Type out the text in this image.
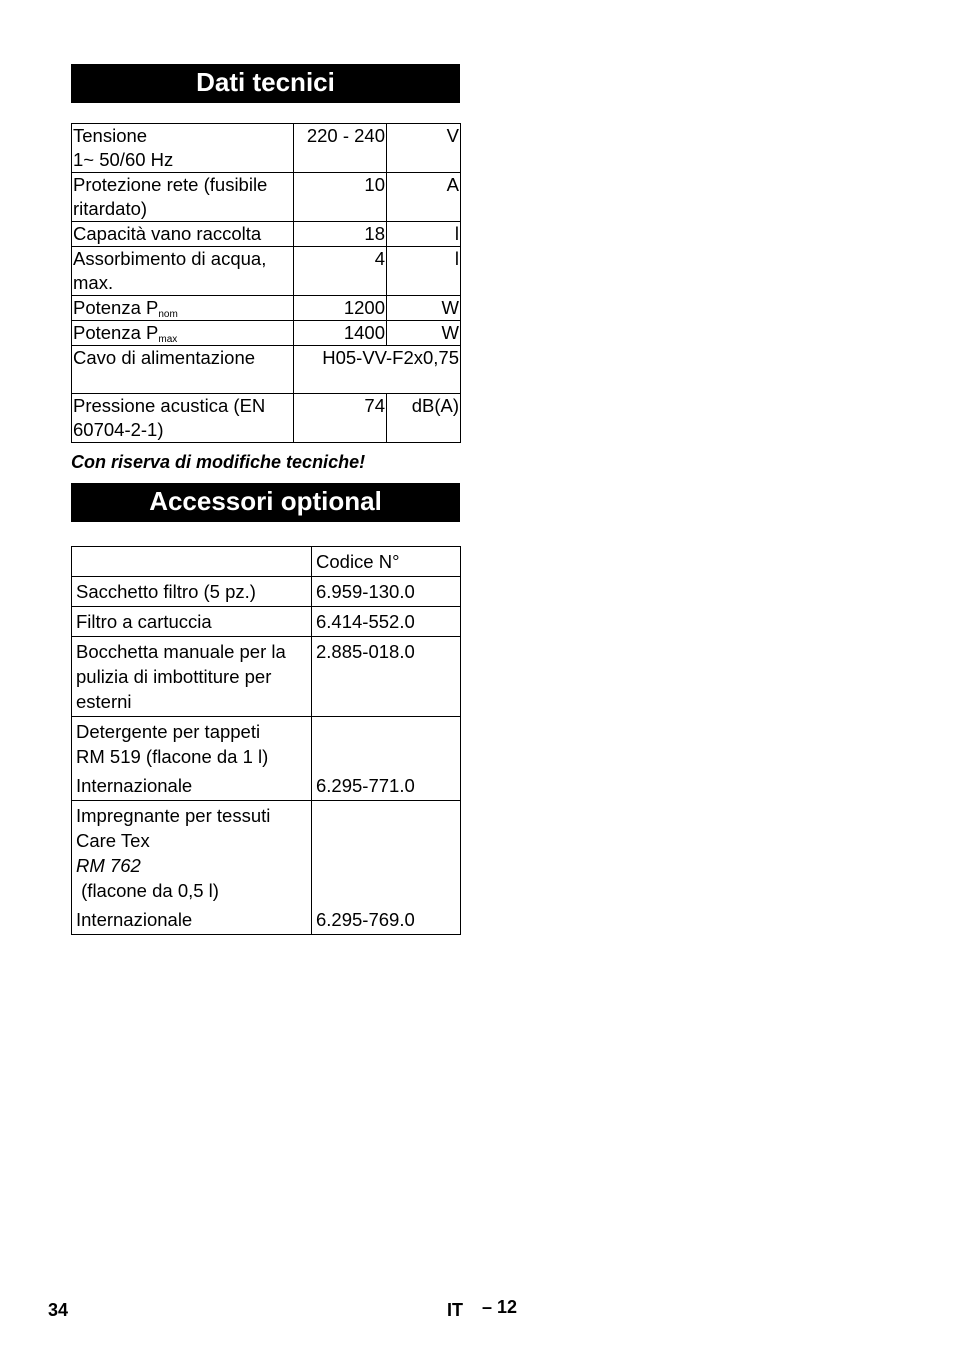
Dati tecnici
Tensione
1~ 50/60 Hz	220 - 240	V
Protezione rete (fusibile ritardato)	10	A
Capacità vano raccolta	18	l
Assorbimento di acqua, max.	4	l
Potenza $P_{nom}$	1200	W
Potenza $P_{max}$	1400	W
Cavo di alimentazione	H05-VV-F2x0,75	

Pressione acustica (EN 60704-2-1)	74	dB(A)
Con riserva di modifiche tecniche!
Accessori optional
	Codice N°
Sacchetto filtro (5 pz.)	6.959-130.0
Filtro a cartuccia	6.414-552.0
Bocchetta manuale per la pulizia di imbottiture per esterni	2.885-018.0

Detergente per tappeti
RM 519 (flacone da 1 l)
Internazionale	6.295-771.0

Impregnante per tessuti
Care Tex
RM 762
(flacone da 0,5 l)
Internazionale	6.295-769.0
34	IT – 12
